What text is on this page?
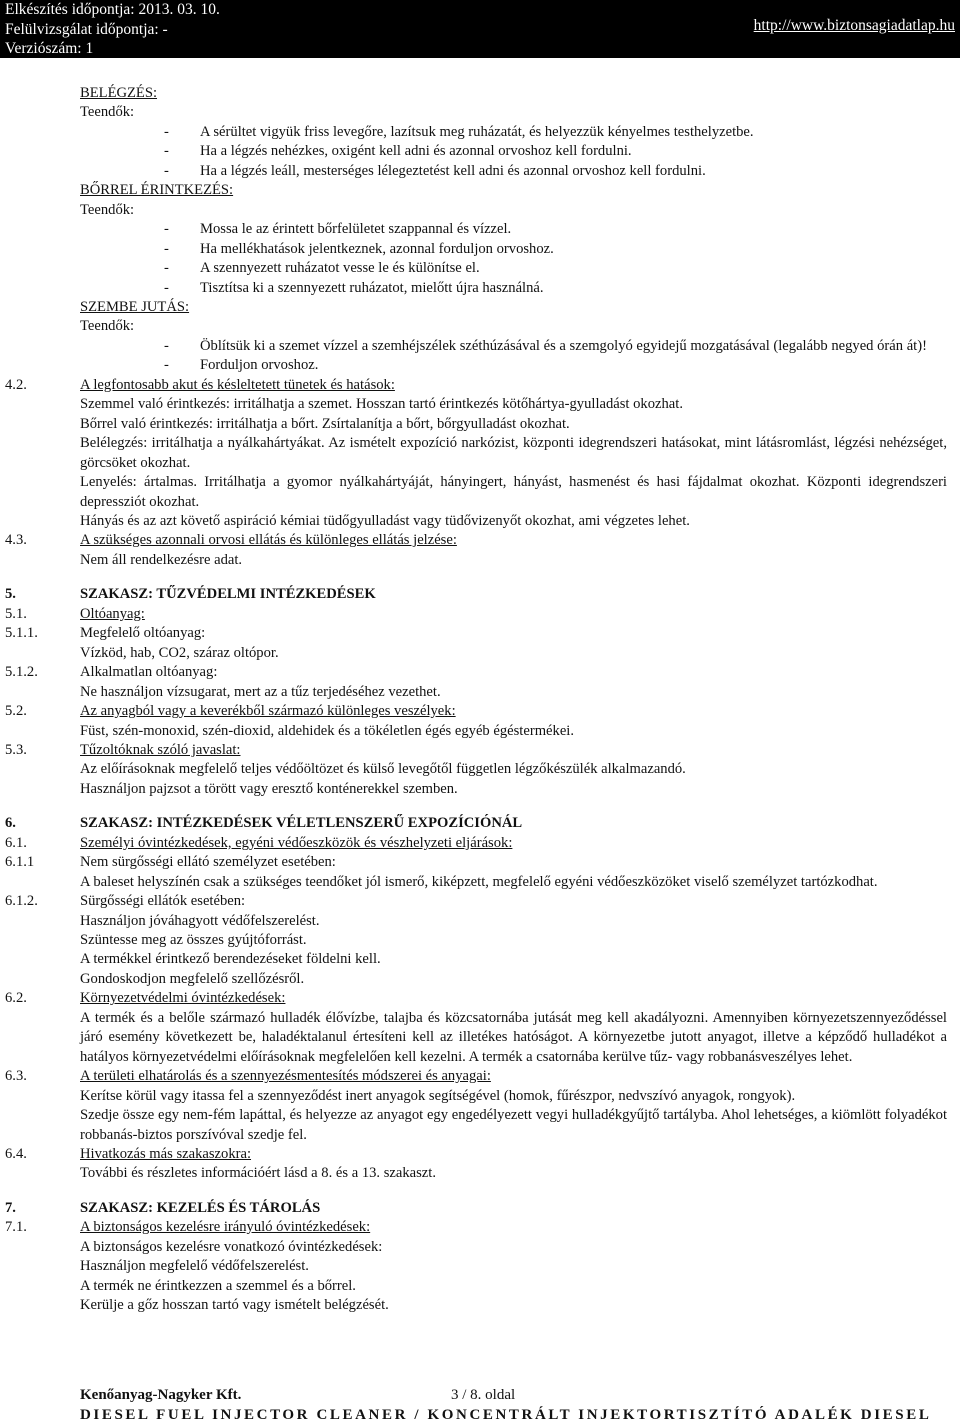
Elkészítés időpontja: 2013. 03. 10.
Felülvizsgálat időpontja: -
Verziószám: 1
http://www.biztonsagiadatlap.hu
BELÉGZÉS:
Teendők:
- A sérültet vigyük friss levegőre, lazítsuk meg ruházatát, és helyezzük kényelmes testhelyzetbe.
- Ha a légzés nehézkes, oxigént kell adni és azonnal orvoshoz kell fordulni.
- Ha a légzés leáll, mesterséges lélegeztetést kell adni és azonnal orvoshoz kell fordulni.
BŐRREL ÉRINTKEZÉS:
Teendők:
- Mossa le az érintett bőrfelületet szappannal és vízzel.
- Ha mellékhatások jelentkeznek, azonnal forduljon orvoshoz.
- A szennyezett ruházatot vesse le és különítse el.
- Tisztítsa ki a szennyezett ruházatot, mielőtt újra használná.
SZEMBE JUTÁS:
Teendők:
- Öblítsük ki a szemet vízzel a szemhéjszélek széthúzásával és a szemgolyó egyidejű mozgatásával (legalább negyed órán át)!
- Forduljon orvoshoz.
4.2.	A legfontosabb akut és késleltetett tünetek és hatások:
Szemmel való érintkezés: irritálhatja a szemet. Hosszan tartó érintkezés kötőhártya-gyulladást okozhat.
Bőrrel való érintkezés: irritálhatja a bőrt. Zsírtalanítja a bőrt, bőrgyulladást okozhat.
Belélegzés: irritálhatja a nyálkahártyákat. Az ismételt expozíció narkózist, központi idegrendszeri hatásokat, mint látásromlást, légzési nehézséget, görcsöket okozhat.
Lenyelés: ártalmas. Irritálhatja a gyomor nyálkahártyáját, hányingert, hányást, hasmenést és hasi fájdalmat okozhat. Központi idegrendszeri depressziót okozhat.
Hányás és az azt követő aspiráció kémiai tüdőgyulladást vagy tüdővizenyőt okozhat, ami végzetes lehet.
4.3.	A szükséges azonnali orvosi ellátás és különleges ellátás jelzése:
Nem áll rendelkezésre adat.
5.	SZAKASZ: TŰZVÉDELMI INTÉZKEDÉSEK
5.1.	Oltóanyag:
5.1.1.	Megfelelő oltóanyag:
Vízköd, hab, CO2, száraz oltópor.
5.1.2.	Alkalmatlan oltóanyag:
Ne használjon vízsugarat, mert az a tűz terjedéséhez vezethet.
5.2.	Az anyagból vagy a keverékből származó különleges veszélyek:
Füst, szén-monoxid, szén-dioxid, aldehidek és a tökéletlen égés egyéb égéstermékei.
5.3.	Tűzoltóknak szóló javaslat:
Az előírásoknak megfelelő teljes védőöltözet és külső levegőtől független légzőkészülék alkalmazandó.
Használjon pajzsot a törött vagy eresztő konténerekkel szemben.
6.	SZAKASZ: INTÉZKEDÉSEK VÉLETLENSZERŰ EXPOZÍCIÓNÁL
6.1.	Személyi óvintézkedések, egyéni védőeszközök és vészhelyzeti eljárások:
6.1.1	Nem sürgősségi ellátó személyzet esetében:
A baleset helyszínén csak a szükséges teendőket jól ismerő, kiképzett, megfelelő egyéni védőeszközöket viselő személyzet tartózkodhat.
6.1.2.	Sürgősségi ellátók esetében:
Használjon jóváhagyott védőfelszerelést.
Szüntesse meg az összes gyújtóforrást.
A termékkel érintkező berendezéseket földelni kell.
Gondoskodjon megfelelő szellőzésről.
6.2.	Környezetvédelmi óvintézkedések:
A termék és a belőle származó hulladék élővízbe, talajba és közcsatornába jutását meg kell akadályozni. Amennyiben környezetszennyeződéssel járó esemény következett be, haladéktalanul értesíteni kell az illetékes hatóságot. A környezetbe jutott anyagot, illetve a képződő hulladékot a hatályos környezetvédelmi előírásoknak megfelelően kell kezelni. A termék a csatornába kerülve tűz- vagy robbanásveszélyes lehet.
6.3.	A területi elhatárolás és a szennyezésmentesítés módszerei és anyagai:
Kerítse körül vagy itassa fel a szennyeződést inert anyagok segítségével (homok, fűrészpor, nedvszívó anyagok, rongyok).
Szedje össze egy nem-fém lapáttal, és helyezze az anyagot egy engedélyezett vegyi hulladékgyűjtő tartályba. Ahol lehetséges, a kiömlött folyadékot robbanás-biztos porszívóval szedje fel.
6.4.	Hivatkozás más szakaszokra:
További és részletes információért lásd a 8. és a 13. szakaszt.
7.	SZAKASZ: KEZELÉS ÉS TÁROLÁS
7.1.	A biztonságos kezelésre irányuló óvintézkedések:
A biztonságos kezelésre vonatkozó óvintézkedések:
Használjon megfelelő védőfelszerelést.
A termék ne érintkezzen a szemmel és a bőrrel.
Kerülje a gőz hosszan tartó vagy ismételt belégzését.
Kenőanyag-Nagyker Kft.	3 / 8. oldal
DIESEL FUEL INJECTOR CLEANER / KONCENTRÁLT INJEKTORTISZTÍTÓ ADALÉK DIESEL
